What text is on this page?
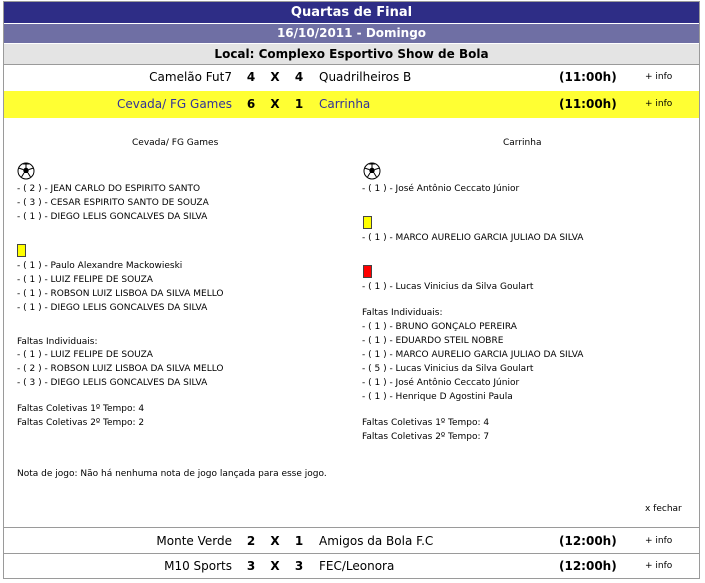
Quartas de Final
16/10/2011 - Domingo
Local: Complexo Esportivo Show de Bola
Camelão Fut7 4 X 4 Quadrilheiros B	(11:00h)	+ info
Cevada/ FG Games 6 X 1 Carrinha	(11:00h)	+ info
Cevada/ FG Games
- ( 2 ) - JEAN CARLO DO ESPIRITO SANTO
- ( 3 ) - CESAR ESPIRITO SANTO DE SOUZA
- ( 1 ) - DIEGO LELIS GONCALVES DA SILVA
- ( 1 ) - Paulo Alexandre Mackowieski
- ( 1 ) - LUIZ FELIPE DE SOUZA
- ( 1 ) - ROBSON LUIZ LISBOA DA SILVA MELLO
- ( 1 ) - DIEGO LELIS GONCALVES DA SILVA
Faltas Individuais:
- ( 1 ) - LUIZ FELIPE DE SOUZA
- ( 2 ) - ROBSON LUIZ LISBOA DA SILVA MELLO
- ( 3 ) - DIEGO LELIS GONCALVES DA SILVA
Faltas Coletivas 1º Tempo: 4
Faltas Coletivas 2º Tempo: 2
Carrinha
- ( 1 ) - José Antônio Ceccato Júnior
- ( 1 ) - MARCO AURELIO GARCIA JULIAO DA SILVA
- ( 1 ) - Lucas Vinicius da Silva Goulart
Faltas Individuais:
- ( 1 ) - BRUNO GONÇALO PEREIRA
- ( 1 ) - EDUARDO STEIL NOBRE
- ( 1 ) - MARCO AURELIO GARCIA JULIAO DA SILVA
- ( 5 ) - Lucas Vinicius da Silva Goulart
- ( 1 ) - José Antônio Ceccato Júnior
- ( 1 ) - Henrique D Agostini Paula
Faltas Coletivas 1º Tempo: 4
Faltas Coletivas 2º Tempo: 7
Nota de jogo: Não há nenhuma nota de jogo lançada para esse jogo.
x fechar
Monte Verde 2 X 1 Amigos da Bola F.C	(12:00h)	+ info
M10 Sports 3 X 3 FEC/Leonora	(12:00h)	+ info
